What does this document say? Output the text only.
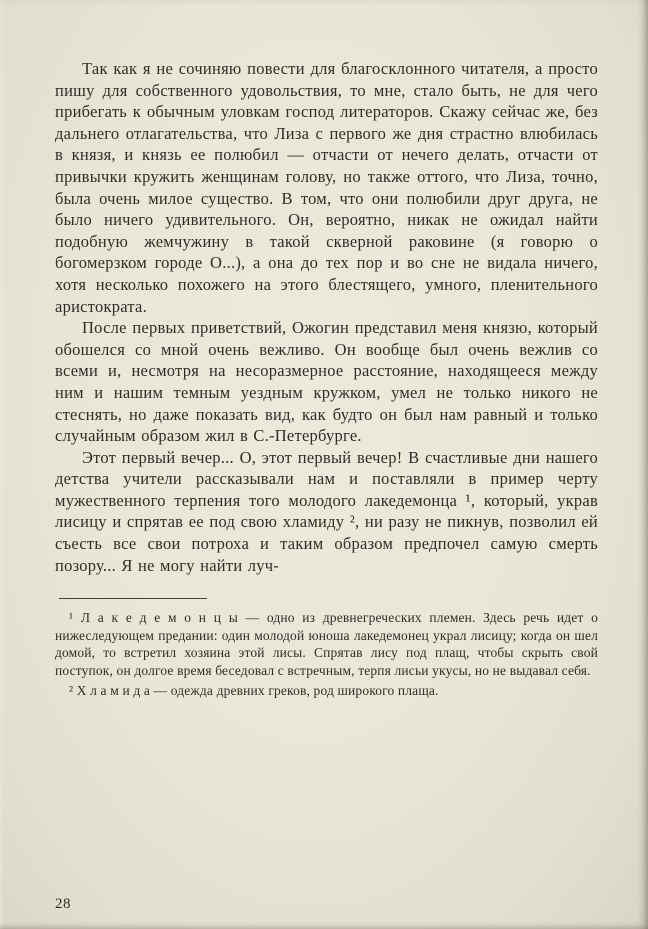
Так как я не сочиняю повести для благосклонного читателя, а просто пишу для собственного удовольствия, то мне, стало быть, не для чего прибегать к обычным уловкам господ литераторов. Скажу сейчас же, без дальнего отлагательства, что Лиза с первого же дня страстно влюбилась в князя, и князь ее полюбил — отчасти от нечего делать, отчасти от привычки кружить женщинам голову, но также оттого, что Лиза, точно, была очень милое существо. В том, что они полюбили друг друга, не было ничего удивительного. Он, вероятно, никак не ожидал найти подобную жемчужину в такой скверной раковине (я говорю о богомерзком городе О...), а она до тех пор и во сне не видала ничего, хотя несколько похожего на этого блестящего, умного, пленительного аристократа.

После первых приветствий, Ожогин представил меня князю, который обошелся со мной очень вежливо. Он вообще был очень вежлив со всеми и, несмотря на несоразмерное расстояние, находящееся между ним и нашим темным уездным кружком, умел не только никого не стеснять, но даже показать вид, как будто он был нам равный и только случайным образом жил в С.-Петербурге.

Этот первый вечер... О, этот первый вечер! В счастливые дни нашего детства учители рассказывали нам и поставляли в пример черту мужественного терпения того молодого лакедемонца ¹, который, украв лисицу и спрятав ее под свою хламиду ², ни разу не пикнув, позволил ей съесть все свои потроха и таким образом предпочел самую смерть позору... Я не могу найти луч-

¹ Л а к е д е м о н ц ы — одно из древнегреческих племен. Здесь речь идет о нижеследующем предании: один молодой юноша лакедемонец украл лисицу; когда он шел домой, то встретил хозяина этой лисы. Спрятав лису под плащ, чтобы скрыть свой поступок, он долгое время беседовал с встречным, терпя лисьи укусы, но не выдавал себя.

² Х л а м и д а — одежда древних греков, род широкого плаща.

28
